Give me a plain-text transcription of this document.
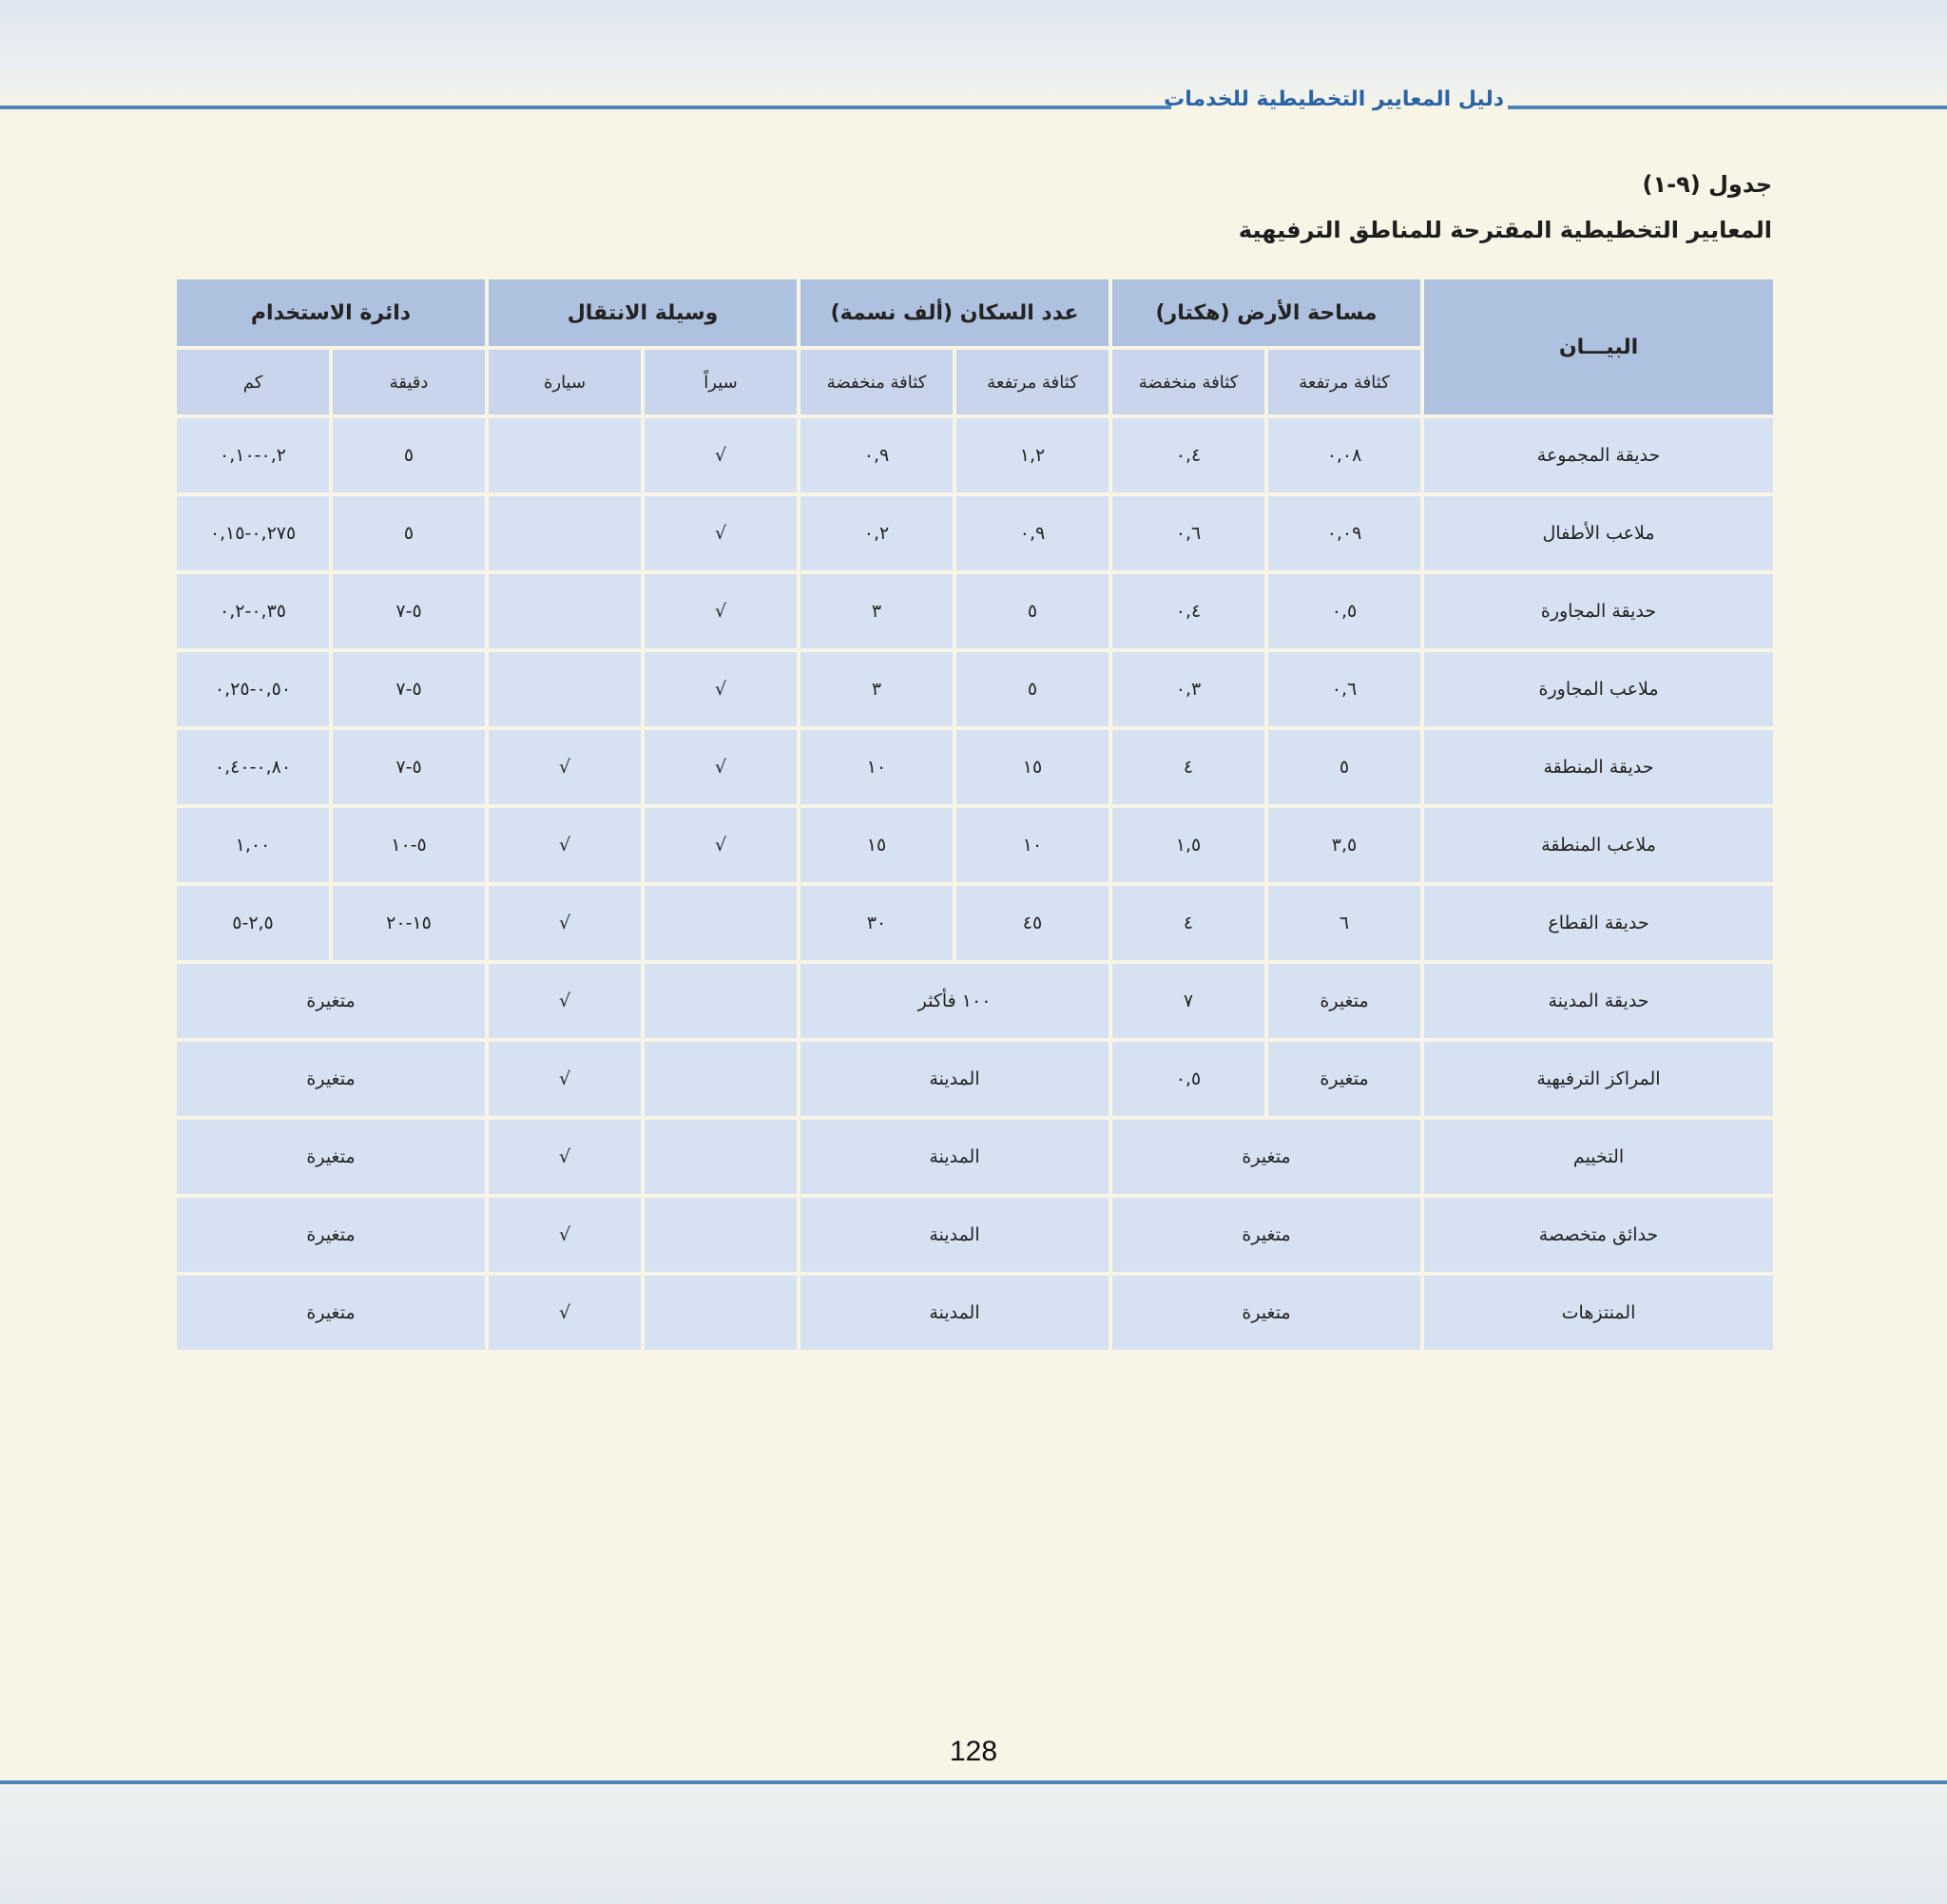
دليل المعايير التخطيطية للخدمات
جدول (٩-١)
المعايير التخطيطية المقترحة للمناطق الترفيهية
البيـــان	مساحة الأرض (هكتار)		عدد السكان (ألف نسمة)		وسيلة الانتقال		دائرة الاستخدام	
	كثافة مرتفعة	كثافة منخفضة	كثافة مرتفعة	كثافة منخفضة	سيراً	سيارة	دقيقة	كم
حديقة المجموعة	٠,٠٨	٠,٤	١,٢	٠,٩	√		٥	٠,٢-٠,١٠
ملاعب الأطفال	٠,٠٩	٠,٦	٠,٩	٠,٢	√		٥	٠,٢٧٥-٠,١٥
حديقة المجاورة	٠,٥	٠,٤	٥	٣	√		٥-٧	٠,٣٥-٠,٢
ملاعب المجاورة	٠,٦	٠,٣	٥	٣	√		٥-٧	٠,٥٠-٠,٢٥
حديقة المنطقة	٥	٤	١٥	١٠	√	√	٥-٧	٠,٨٠-٠,٤٠
ملاعب المنطقة	٣,٥	١,٥	١٠	١٥	√	√	٥-١٠	١,٠٠
حديقة القطاع	٦	٤	٤٥	٣٠		√	١٥-٢٠	٢,٥-٥
حديقة المدينة	متغيرة	٧	١٠٠ فأكثر			√	متغيرة	
المراكز الترفيهية	متغيرة	٠,٥	المدينة			√	متغيرة	
التخييم	متغيرة		المدينة			√	متغيرة	
حدائق متخصصة	متغيرة		المدينة			√	متغيرة	
المنتزهات	متغيرة		المدينة			√	متغيرة	
128
